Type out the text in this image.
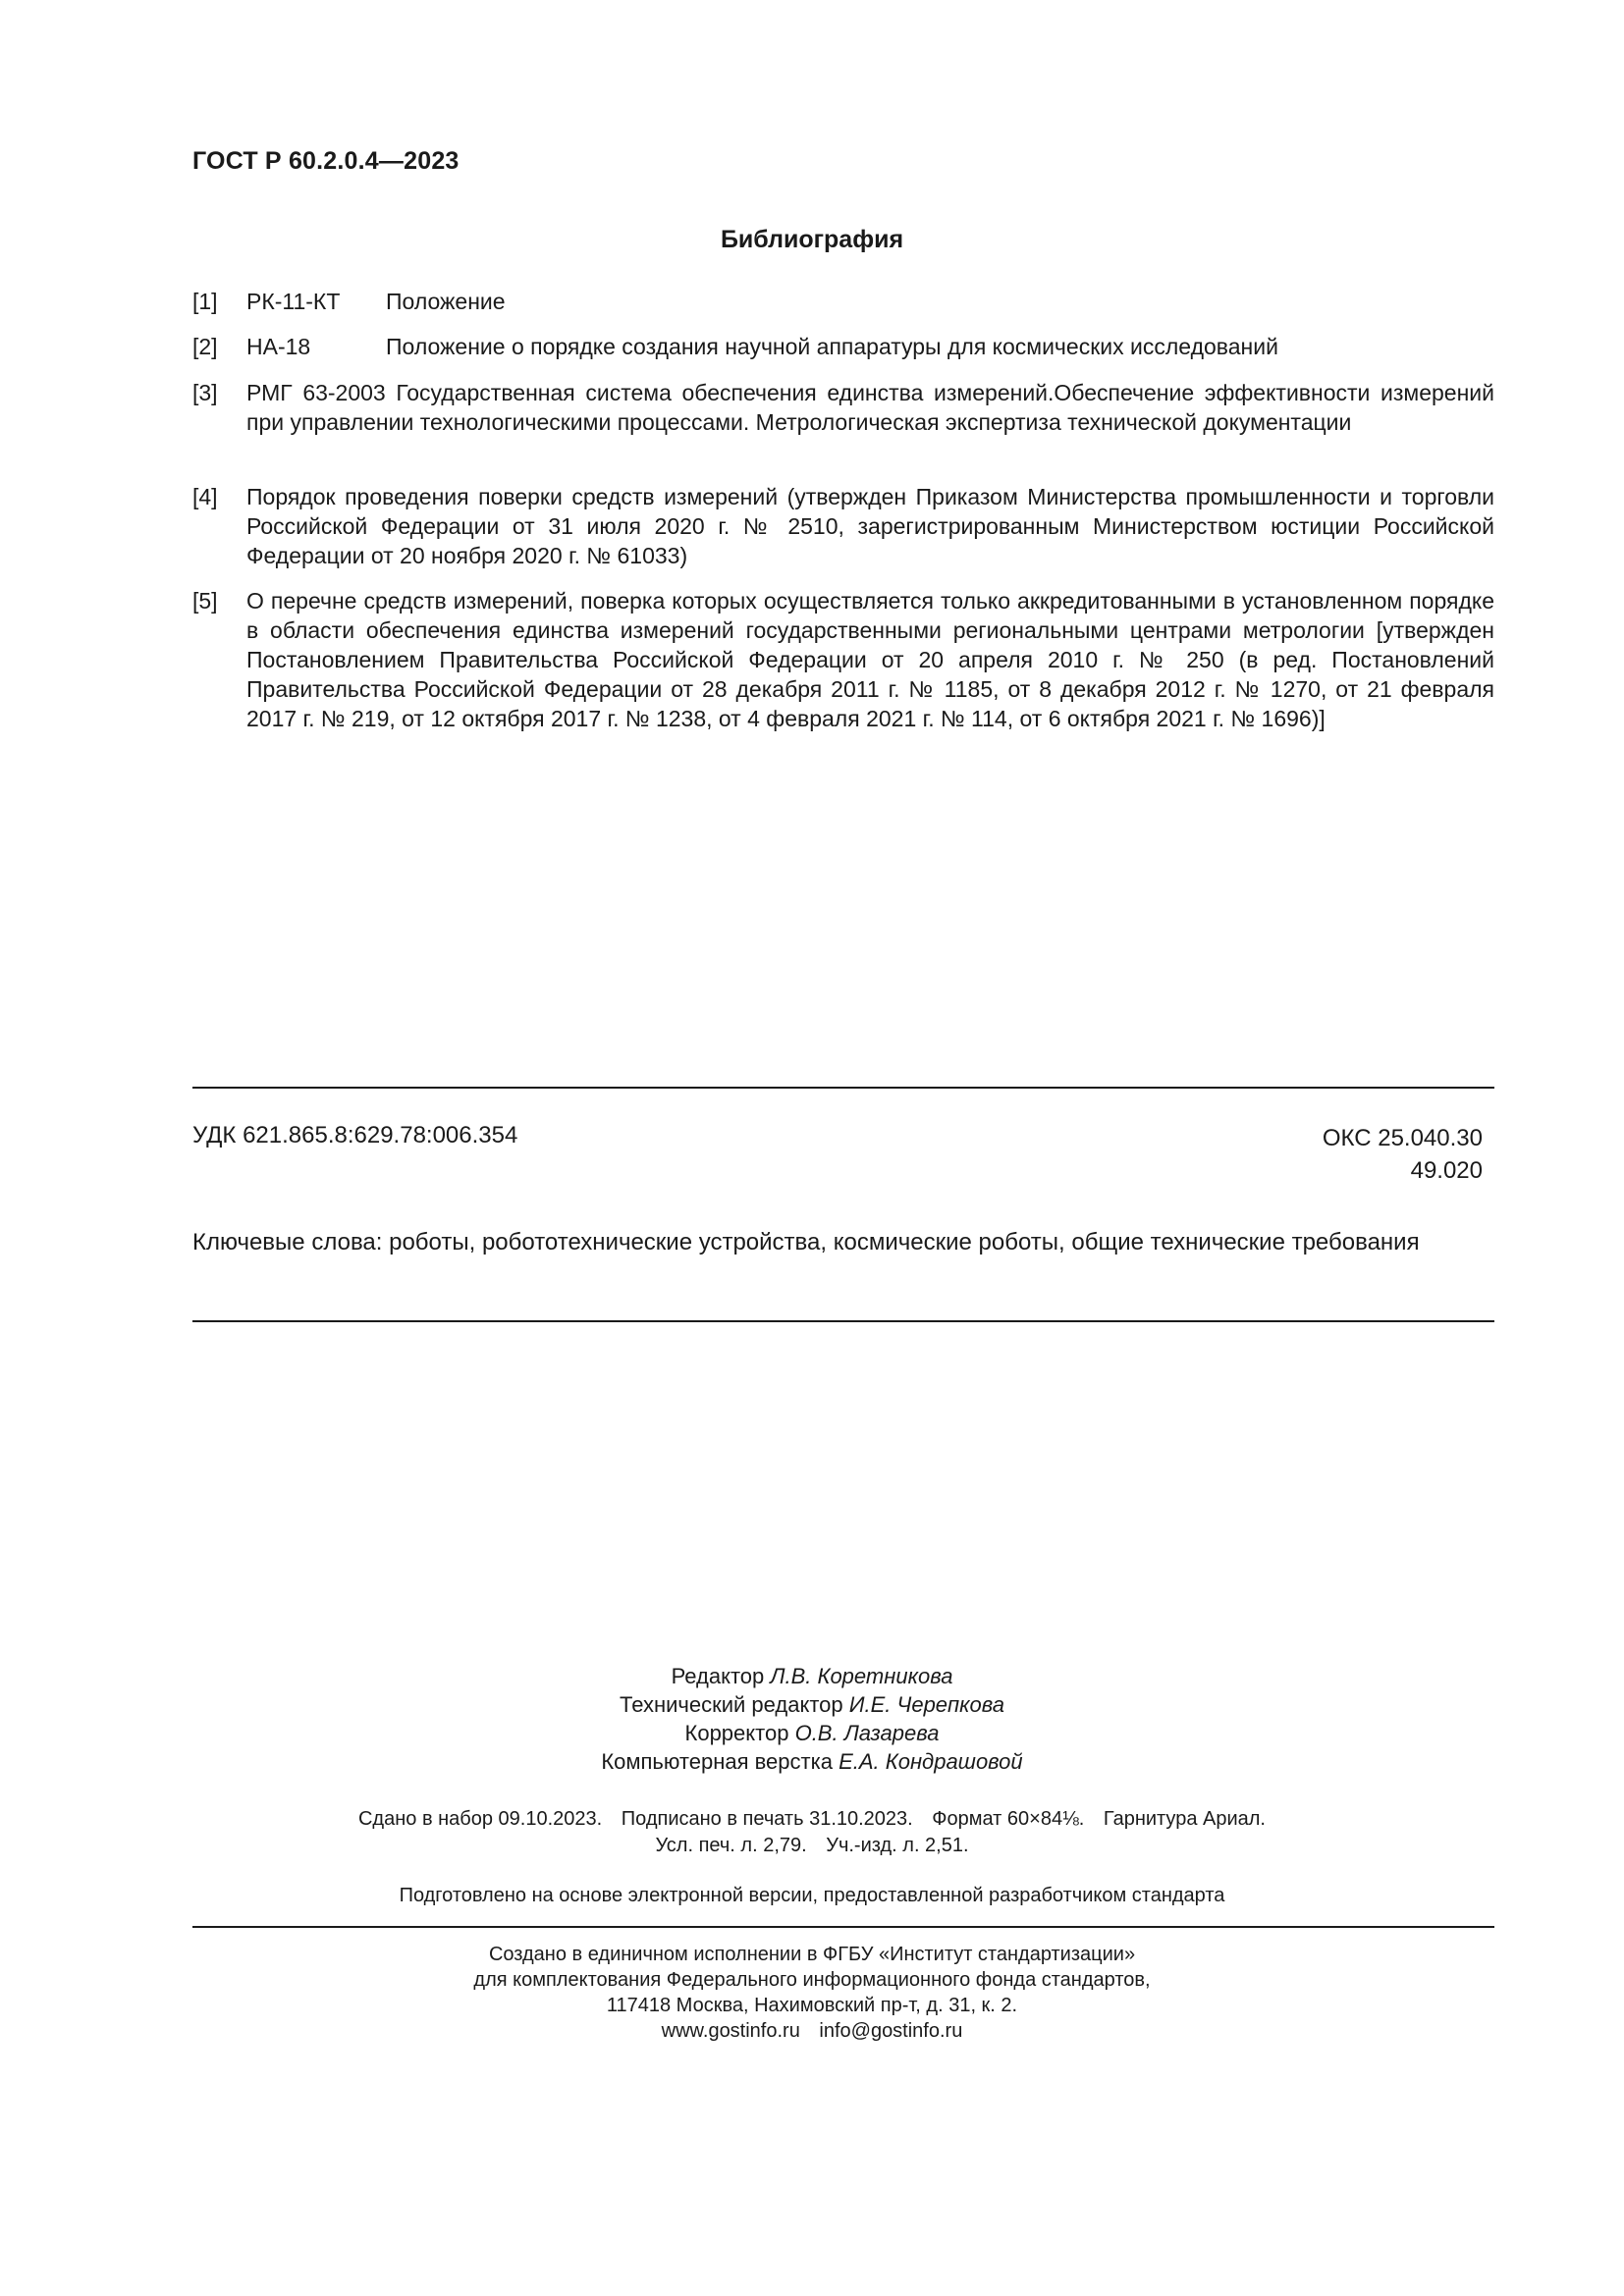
ГОСТ Р 60.2.0.4—2023
Библиография
[1]	РК-11-КТ	Положение
[2]	НА-18	Положение о порядке создания научной аппаратуры для космических исследований
[3]	РМГ 63-2003 Государственная система обеспечения единства измерений.Обеспечение эффективности измерений при управлении технологическими процессами. Метрологическая экспертиза технической документации
[4]	Порядок проведения поверки средств измерений (утвержден Приказом Министерства промышленности и торговли Российской Федерации от 31 июля 2020 г. № 2510, зарегистрированным Министерством юстиции Российской Федерации от 20 ноября 2020 г. № 61033)
[5]	О перечне средств измерений, поверка которых осуществляется только аккредитованными в установленном порядке в области обеспечения единства измерений государственными региональными центрами метрологии [утвержден Постановлением Правительства Российской Федерации от 20 апреля 2010 г. № 250 (в ред. Постановлений Правительства Российской Федерации от 28 декабря 2011 г. № 1185, от 8 декабря 2012 г. № 1270, от 21 февраля 2017 г. № 219, от 12 октября 2017 г. № 1238, от 4 февраля 2021 г. № 114, от 6 октября 2021 г. № 1696)]
УДК 621.865.8:629.78:006.354	ОКС 25.040.30
49.020
Ключевые слова: роботы, робототехнические устройства, космические роботы, общие технические требования
Редактор Л.В. Коретникова
Технический редактор И.Е. Черепкова
Корректор О.В. Лазарева
Компьютерная верстка Е.А. Кондрашовой
Сдано в набор 09.10.2023. Подписано в печать 31.10.2023. Формат 60×84⅛. Гарнитура Ариал.
Усл. печ. л. 2,79. Уч.-изд. л. 2,51.
Подготовлено на основе электронной версии, предоставленной разработчиком стандарта
Создано в единичном исполнении в ФГБУ «Институт стандартизации»
для комплектования Федерального информационного фонда стандартов,
117418 Москва, Нахимовский пр-т, д. 31, к. 2.
www.gostinfo.ru info@gostinfo.ru
